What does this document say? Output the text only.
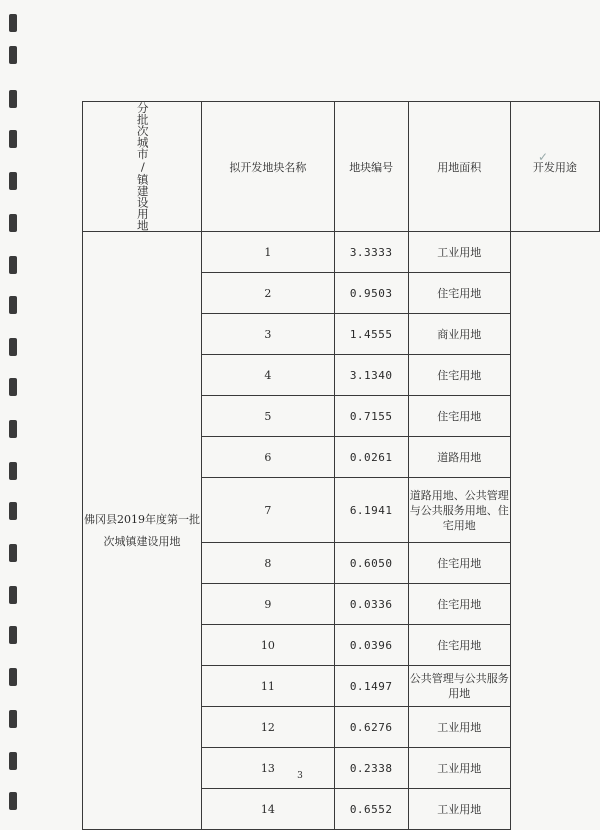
✓
分批次城市/镇建设用地	拟开发地块名称	地块编号	用地面积	开发用途

佛冈县2019年度第一批次城镇建设用地	1	3.3333	工业用地	
	2	0.9503	住宅用地	
	3	1.4555	商业用地	
	4	3.1340	住宅用地	
	5	0.7155	住宅用地	
	6	0.0261	道路用地	
	7	6.1941	道路用地、公共管理与公共服务用地、住宅用地	
	8	0.6050	住宅用地	
	9	0.0336	住宅用地	
	10	0.0396	住宅用地	
	11	0.1497	公共管理与公共服务用地	
	12	0.6276	工业用地	
	13	0.2338	工业用地	
	14	0.6552	工业用地	
3
